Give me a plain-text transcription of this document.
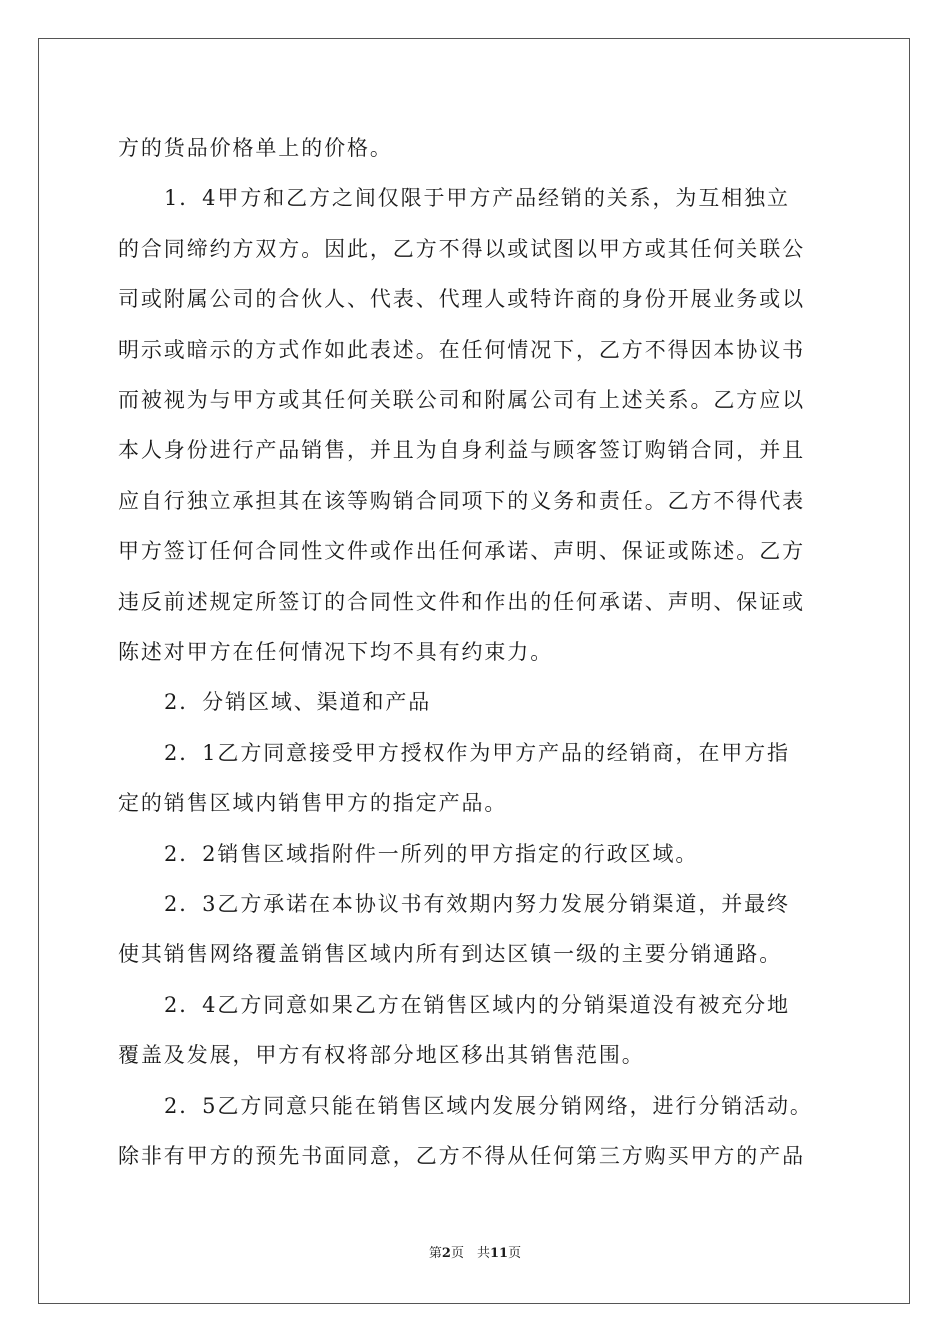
方的货品价格单上的价格。
1．4甲方和乙方之间仅限于甲方产品经销的关系，为互相独立
的合同缔约方双方。因此，乙方不得以或试图以甲方或其任何关联公
司或附属公司的合伙人、代表、代理人或特许商的身份开展业务或以
明示或暗示的方式作如此表述。在任何情况下，乙方不得因本协议书
而被视为与甲方或其任何关联公司和附属公司有上述关系。乙方应以
本人身份进行产品销售，并且为自身利益与顾客签订购销合同，并且
应自行独立承担其在该等购销合同项下的义务和责任。乙方不得代表
甲方签订任何合同性文件或作出任何承诺、声明、保证或陈述。乙方
违反前述规定所签订的合同性文件和作出的任何承诺、声明、保证或
陈述对甲方在任何情况下均不具有约束力。
2．分销区域、渠道和产品
2．1乙方同意接受甲方授权作为甲方产品的经销商，在甲方指
定的销售区域内销售甲方的指定产品。
2．2销售区域指附件一所列的甲方指定的行政区域。
2．3乙方承诺在本协议书有效期内努力发展分销渠道，并最终
使其销售网络覆盖销售区域内所有到达区镇一级的主要分销通路。
2．4乙方同意如果乙方在销售区域内的分销渠道没有被充分地
覆盖及发展，甲方有权将部分地区移出其销售范围。
2．5乙方同意只能在销售区域内发展分销网络，进行分销活动。
除非有甲方的预先书面同意，乙方不得从任何第三方购买甲方的产品
第2页  共11页
